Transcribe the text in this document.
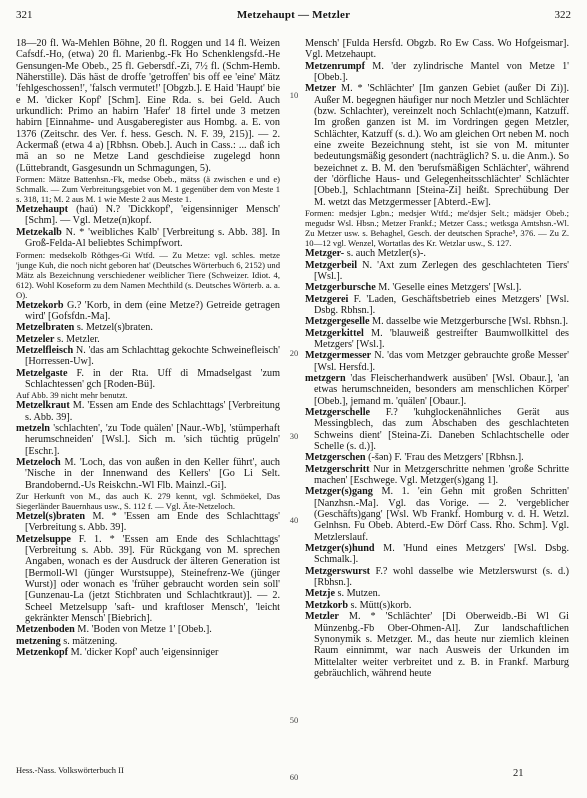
321	Metzehaupt — Metzler	322

18—20 fl. Wa-Mehlen Böhne, 20 fl. Roggen und 14 fl. Weizen Cafsdf.-Ho, (etwa) 20 fl. Marienbg.-Fk Ho Schenklengsfd.-He Gensungen-Me Obeb., 25 fl. Gebersdf.-Zi, 7½ fl. (Schm-Hemb. Näherstille). Däs häst de droffe 'getroffen' bis off ee 'eine' Mätz 'fehlgeschossen!', 'falsch vermutet!' [Obgzb.]. E Haid 'Haupt' bie e M. 'dicker Kopf' [Schm]. Eine Rda. s. bei Geld. Auch urkundlich: Primo an habirn 'Hafer' 18 firtel unde 3 metzen habirn [Einnahme- und Ausgaberegister aus Hombg. a. E. von 1376 (Zeitschr. des Ver. f. hess. Gesch. N. F. 39, 215)]. — 2. Ackermaß (etwa 4 a) [Rbhsn. Obeb.]. Auch in Cass.: ... daß ich mä an so ne Metze Land geschdieise zugelegd honn (Lüttebrandt, Gasgesundn un Schmagungen, 5).

Formen: Mätze Battenhsn.-Fk, medse Obeb., mätss (ä zwischen e und e) Schmalk. — Zum Verbreitungsgebiet von M. 1 gegenüber dem von Meste 1 s. 318, 11; M. 2 aus M. 1 wie Meste 2 aus Meste 1.

Metzehaupt (haú) N.? 'Dickkopf', 'eigensinniger Mensch' [Schm]. — Vgl. Metze(n)kopf.

Metzekalb N. * 'weibliches Kalb' [Verbreitung s. Abb. 38]. In Groß-Felda-Al beliebtes Schimpfwort.

Formen: medsekolb Röthges-Gi Wtfd. — Zu Metze: vgl. schles. metze 'junge Kuh, die noch nicht geboren hat' (Deutsches Wörterbuch 6, 2152) und Mätz als Bezeichnung verschiedener weiblicher Tiere (Schweizer. Idiot. 4, 612). Wohl Koseform zu dem Namen Mechthild (s. Deutsches Wörterb. a. a. O).

Metzekorb G.? 'Korb, in dem (eine Metze?) Getreide getragen wird' [Gofsfdn.-Ma].

Metzelbraten s. Metzel(s)braten.

Metzeler s. Metzler.

Metzelfleisch N. 'das am Schlachttag gekochte Schweinefleisch' [Horressen-Uw].

Metzelgaste F. in der Rta. Uff di Mmadselgast 'zum Schlachtessen' gch [Roden-Bü].

Auf Abb. 39 nicht mehr benutzt.

Metzelkraut M. 'Essen am Ende des Schlachttags' [Verbreitung s. Abb. 39].

metzeln 'schlachten', 'zu Tode quälen' [Naur.-Wb], 'stümperhaft herumschneiden' [Wsl.]. Sich m. 'sich tüchtig prügeln' [Eschr.].

Metzeloch M. 'Loch, das von außen in den Keller führt', auch 'Nische in der Innenwand des Kellers' [Go Li Selt. Brandobernd.-Us Reiskchn.-Wl Flb. Mainzl.-Gi].

Zur Herkunft von M., das auch K. 279 kennt, vgl. Schmöekel, Das Siegerländer Bauernhaus usw., S. 112 f. — Vgl. Äte-Netzeloch.

Metzel(s)braten M. * 'Essen am Ende des Schlachttags' [Verbreitung s. Abb. 39].

Metzelsuppe F. 1. * 'Essen am Ende des Schlachttags' [Verbreitung s. Abb. 39]. Für Rückgang von M. sprechen Angaben, wonach es der Ausdruck der älteren Generation ist [Bermoll-Wl (jünger Wurstsuppe), Steinefrenz-We (jünger Wurst)] oder wonach es 'früher gebraucht worden sein soll' [Gunzenau-La (jetzt Stichbraten und Schlachtkraut)]. — 2. Scheel Metzelsupp 'saft- und kraftloser Mensch', 'leicht gekränkter Mensch' [Biebrich].

Metzenboden M. 'Boden von Metze 1' [Obeb.].

metzening s. mätzening.

Metzenkopf M. 'dicker Kopf' auch 'eigensinniger

Mensch' [Fulda Hersfd. Obgzb. Ro Ew Cass. Wo Hofgeismar]. Vgl. Metzehaupt.

Metzenrumpf M. 'der zylindrische Mantel von Metze 1' [Obeb.].

Metzer M. * 'Schlächter' [Im ganzen Gebiet (außer Di Zi)]. Außer M. begegnen häufiger nur noch Metzler und Schlächter (bzw. Schlachter), vereinzelt noch Schlacht(e)mann, Katzuff. Im großen ganzen ist M. im Vordringen gegen Metzler, Schlächter, Katzuff (s. d.). Wo am gleichen Ort neben M. noch eine zweite Bezeichnung steht, ist sie von M. mitunter bedeutungsmäßig gesondert (nachträglich? S. u. die Anm.). So bezeichnet z. B. M. den 'berufsmäßigen Schlächter', während der 'dörfliche Haus- und Gelegenheitsschlächter' Schlächter [Obeb.], Schlachtmann [Steina-Zi] heißt. Sprechübung Der M. wetzt das Metzgermesser [Abterd.-Ew].

Formen: medsjer Lgbn.; medsjer Wtfd.; me'dsjer Selt.; mädsjer Obeb.; megudsr Wsl. Hbsn.; Metzer Frankf.; Metzer Cass.; wetksga Amtshsn.-Wl. Zu Metzer usw. s. Behaghel, Gesch. der deutschen Sprache⁵, 376. — Zu Z. 10—12 vgl. Wenzel, Wortatlas des Kr. Wetzlar usw., S. 127.

Metzger- s. auch Metzler(s)-.

Metzgerbeil N. 'Axt zum Zerlegen des geschlachteten Tiers' [Wsl.].

Metzgerbursche M. 'Geselle eines Metzgers' [Wsl.].

Metzgerei F. 'Laden, Geschäftsbetrieb eines Metzgers' [Wsl. Dsbg. Rbhsn.].

Metzgergeselle M. dasselbe wie Metzgerbursche [Wsl. Rbhsn.].

Metzgerkittel M. 'blauweiß gestreifter Baumwollkittel des Metzgers' [Wsl.].

Metzgermesser N. 'das vom Metzger gebrauchte große Messer' [Wsl. Hersfd.].

metzgern 'das Fleischerhandwerk ausüben' [Wsl. Obaur.], 'an etwas herumschneiden, besonders am menschlichen Körper' [Obeb.], jemand m. 'quälen' [Obaur.].

Metzgerschelle F.? 'kuhglockenähnliches Gerät aus Messingblech, das zum Abschaben des geschlachteten Schweins dient' [Steina-Zi. Daneben Schlachtschelle oder Schelle (s. d.)].

Metzgerschen (-šən) F. 'Frau des Metzgers' [Rbhsn.].

Metzgerschritt Nur in Metzgerschritte nehmen 'große Schritte machen' [Eschwege. Vgl. Metzger(s)gang 1].

Metzger(s)gang M. 1. 'ein Gehn mit großen Schritten' [Nanzhsn.-Ma]. Vgl. das Vorige. — 2. 'vergeblicher (Geschäfts)gang' [Wsl. Wb Frankf. Homburg v. d. H. Wetzl. Gelnhsn. Fu Obeb. Abterd.-Ew Dörf Cass. Rho. Schm]. Vgl. Metzlerslauf.

Metzger(s)hund M. 'Hund eines Metzgers' [Wsl. Dsbg. Schmalk.].

Metzgerswurst F.? wohl dasselbe wie Metzlerswurst (s. d.) [Rbhsn.].

Metzje s. Mutzen.

Metzkorb s. Mütt(s)korb.

Metzler M. * 'Schlächter' [Di Oberweidb.-Bi Wl Gi Münzenbg.-Fb Ober-Ohmen-Al]. Zur landschaftlichen Synonymik s. Metzger. M., das heute nur ziemlich kleinen Raum einnimmt, war nach Ausweis der Urkunden im Mittelalter weiter verbreitet und z. B. in Frankf. Marburg gebräuchlich, während heute

10
20
30
40
50
60
Hess.-Nass. Volkswörterbuch II	21
